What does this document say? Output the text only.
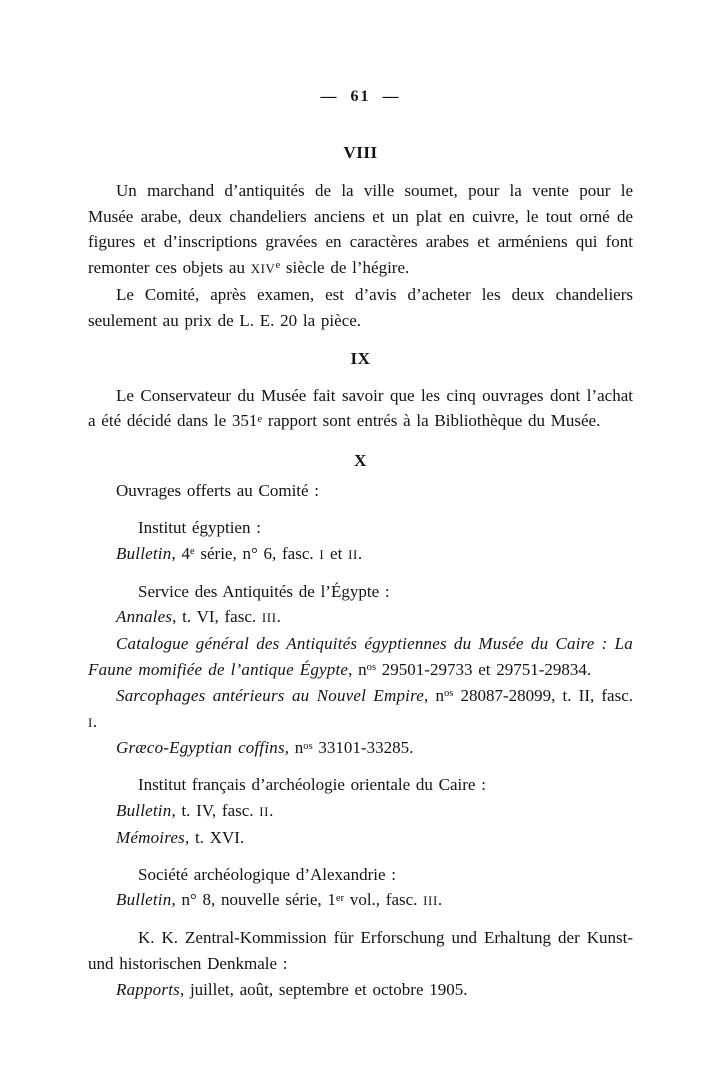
— 61 —

VIII

Un marchand d’antiquités de la ville soumet, pour la vente pour le Musée arabe, deux chandeliers anciens et un plat en cuivre, le tout orné de figures et d’inscriptions gravées en caractères arabes et arméniens qui font remonter ces objets au XIVe siècle de l’hégire.

Le Comité, après examen, est d’avis d’acheter les deux chandeliers seulement au prix de L. E. 20 la pièce.

IX

Le Conservateur du Musée fait savoir que les cinq ouvrages dont l’achat a été décidé dans le 351e rapport sont entrés à la Bibliothèque du Musée.

X

Ouvrages offerts au Comité :

Institut égyptien :

Bulletin, 4e série, n° 6, fasc. I et II.

Service des Antiquités de l’Égypte :

Annales, t. VI, fasc. III.

Catalogue général des Antiquités égyptiennes du Musée du Caire : La Faune momifiée de l’antique Égypte, $n^{os}$ 29501-29733 et 29751-29834.

Sarcophages antérieurs au Nouvel Empire, $n^{os}$ 28087-28099, t. II, fasc. I.

Græco-Egyptian coffins, $n^{os}$ 33101-33285.

Institut français d’archéologie orientale du Caire :

Bulletin, t. IV, fasc. II.

Mémoires, t. XVI.

Société archéologique d’Alexandrie :

Bulletin, n° 8, nouvelle série, 1er vol., fasc. III.

K. K. Zentral-Kommission für Erforschung und Erhaltung der Kunst- und historischen Denkmale :

Rapports, juillet, août, septembre et octobre 1905.
